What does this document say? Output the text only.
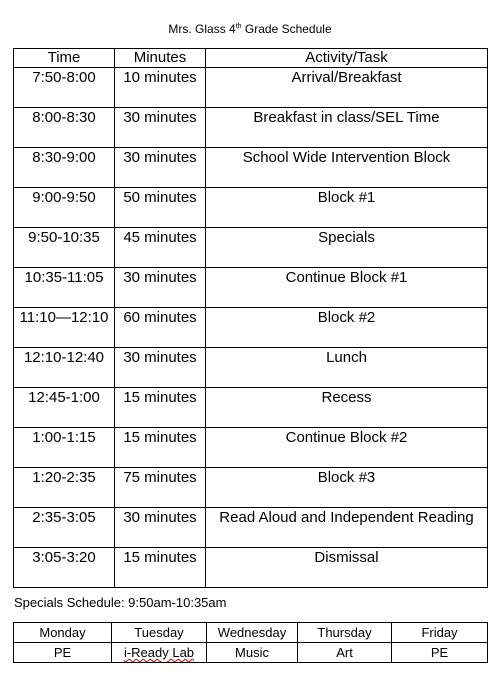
Mrs. Glass 4th Grade Schedule
Time	Minutes	Activity/Task
7:50-8:00	10 minutes	Arrival/Breakfast
8:00-8:30	30 minutes	Breakfast in class/SEL Time
8:30-9:00	30 minutes	School Wide Intervention Block
9:00-9:50	50 minutes	Block #1
9:50-10:35	45 minutes	Specials
10:35-11:05	30 minutes	Continue Block #1
11:10—12:10	60 minutes	Block #2
12:10-12:40	30 minutes	Lunch
12:45-1:00	15 minutes	Recess
1:00-1:15	15 minutes	Continue Block #2
1:20-2:35	75 minutes	Block #3
2:35-3:05	30 minutes	Read Aloud and Independent Reading
3:05-3:20	15 minutes	Dismissal
Specials Schedule: 9:50am-10:35am
Monday	Tuesday	Wednesday	Thursday	Friday
PE	i-Ready Lab	Music	Art	PE
